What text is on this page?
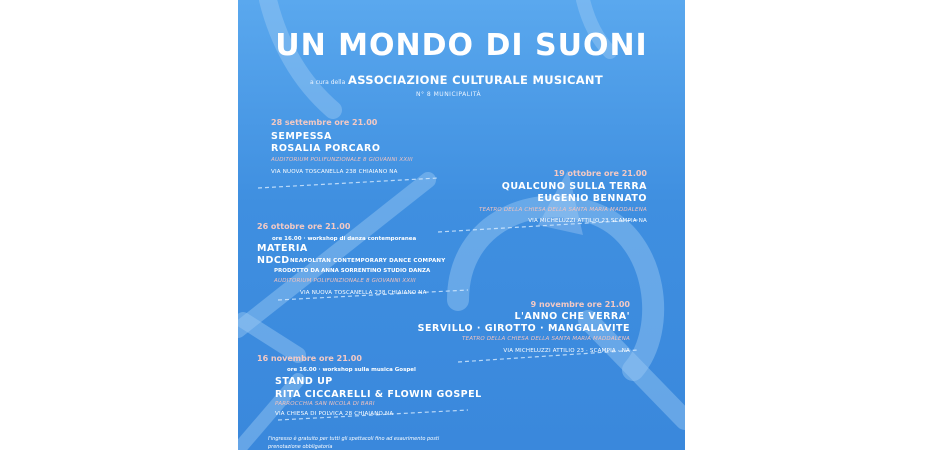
UN MONDO DI SUONI
a cura della ASSOCIAZIONE CULTURALE MUSICANT
N° 8 MUNICIPALITÀ
28 settembre ore 21.00
SEMPESSA
ROSALIA PORCARO
AUDITORIUM POLIFUNZIONALE 8 GIOVANNI XXIII
VIA NUOVA TOSCANELLA 238 CHIAIANO NA	19 ottobre ore 21.00
QUALCUNO SULLA TERRA
EUGENIO BENNATO
TEATRO DELLA CHIESA DELLA SANTA MARIA MADDALENA
VIA MICHELUZZI ATTILIO 23 SCAMPIA NA
26 ottobre ore 21.00
ore 16.00 · workshop di danza contemporanea
MATERIA
NDCD NEAPOLITAN CONTEMPORARY DANCE COMPANY
PRODOTTO DA ANNA SORRENTINO STUDIO DANZA
AUDITORIUM POLIFUNZIONALE 8 GIOVANNI XXIII
VIA NUOVA TOSCANELLA 238 CHIAIANO NA
9 novembre ore 21.00
L'ANNO CHE VERRA'
SERVILLO · GIROTTO · MANGALAVITE
TEATRO DELLA CHIESA DELLA SANTA MARIA MADDALENA
VIA MICHELUZZI ATTILIO 23 · SCAMPIA · NA
16 novembre ore 21.00
ore 16.00 · workshop sulla musica Gospel
STAND UP
RITA CICCARELLI & FLOWIN GOSPEL
PARROCCHIA SAN NICOLA DI BARI
VIA CHIESA DI POLVICA 28 CHIAIANO NA
l'ingresso è gratuito per tutti gli spettacoli fino ad esaurimento posti
prenotazione obbligatoria
